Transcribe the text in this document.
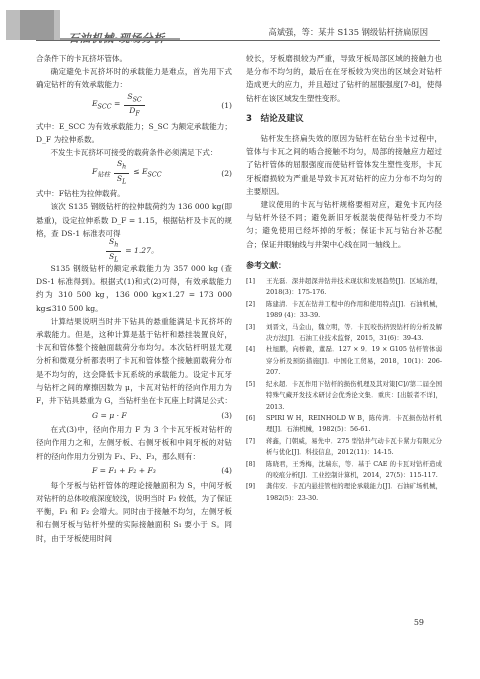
高斌强，等：某井 S135 钢级钻杆挤扁原因

合条件下的卡瓦挤坏管体。

确定避免卡瓦挤坏时的承载能力是难点，首先用下式确定钻杆的有效承载能力：

$E_{SCC} = \frac{S_{SC}}{D_F}$	(1)

式中：E_SCC 为有效承载能力；S_SC 为额定承载能力；D_F 为拉伸系数。

不发生卡瓦挤坏可接受的载荷条件必须满足下式：

$F_{钻柱} \frac{S_h}{S_L} \le E_{SCC}$	(2)

式中：F钻柱为拉伸载荷。

该次 S135 钢级钻杆的拉伸载荷约为 136 000 kg(即悬重)，设定拉伸系数 D_F = 1.15，根据钻杆及卡瓦的规格，查 DS-1 标准表可得

$\frac{S_h}{S_L} = 1.27$。

S135 钢级钻杆的额定承载能力为 357 000 kg (查 DS-1 标准得到)。根据式(1)和式(2)可得，有效承载能力约为 310 500 kg，136 000 kg×1.27 = 173 000 kg≤310 500 kg。

计算结果说明当时井下钻具的悬重能满足卡瓦挤坏的承载能力。但是，这种计算是基于钻杆和悬挂装置良好，卡瓦和管体整个接触面载荷分布均匀。本次钻杆明显尤观分析和微观分析都表明了卡瓦和管体整个接触面载荷分布是不均匀的，这会降低卡瓦系统的承载能力。设定卡瓦牙与钻杆之间的摩擦因数为 μ，卡瓦对钻杆的径向作用力为 F，井下钻具悬重为 G，当钻杆坐在卡瓦座上时满足公式：

G = μ · F	(3)

在式(3)中，径向作用力 F 为 3 个卡瓦牙板对钻杆的径向作用力之和，左侧牙板、右侧牙板和中间牙板的对钻杆的径向作用力分别为 F₁、F₂、F₃，那么则有：

F = F₁ + F₂ + F₃	(4)

每个牙板与钻杆管体的理论接触面积为 S，中间牙板对钻杆的总体咬痕深度较浅，说明当时 F₃ 较低，为了保证平衡，F₁ 和 F₂ 会增大。同时由于接触不均匀，左侧牙板和右侧牙板与钻杆外壁的实际接触面积 S₁ 要小于 S。同时，由于牙板使用时间

较长，牙板磨损较为严重，导致牙板局部区域的接触力也是分布不均匀的，最后在在牙板较为突出的区域会对钻杆造成更大的应力，并且超过了钻杆的屈服强度[7-8]，使得钻杆在该区域发生塑性变形。

3　结论及建议

钻杆发生挤扁失效的原因为钻杆在钻台坐卡过程中，管体与卡瓦之间的啮合接触不均匀，局部的接触应力超过了钻杆管体的屈服强度而使钻杆管体发生塑性变形，卡瓦牙板磨损较为严重是导致卡瓦对钻杆的应力分布不均匀的主要原因。

建议使用的卡瓦与钻杆规格要相对应，避免卡瓦内径与钻杆外径不同；避免新旧牙板混装使得钻杆受力不均匀；避免使用已经坏掉的牙板；保证卡瓦与钻台补芯配合；保证井眼轴线与井架中心线在同一轴线上。

参考文献：
[1]	王光磊．深井超深井钻井技术现状和发展趋势[J]．区域治理，2018(3)：175-176.
[2]	陈建清．卡瓦在钻井工程中的作用和使用特点[J]．石油机械，1989 (4)：33-39.
[3]	刘晋文，马金山，魏立明，等．卡瓦咬伤挤毁钻杆的分析及解决方法[J]．石油工业技术监督，2015，31(6)：39-43.
[4]	杜旭鹏，向桥毅，董磊．127 × 9．19 × G105 钻杆管体弱穿分析及预防措施[J]．中国化工贸易，2018，10(1)：206-207.
[5]	纪永超．卡瓦作用下钻杆的损伤机理及其对策[C]//第二届全国特殊气藏开发技术研讨会优秀论文集．重庆：[出版者不详]，2013.
[6]	SPIRI W H，REINHOLD W B，陈传湾．卡瓦损伤钻杆机理[J]．石油机械，1982(5)：56-61.
[7]	蒋鑫，门朝威，易先中．275 型钻井气动卡瓦卡紧力有限元分析与优化[J]．科技信息，2012(11)：14-15.
[8]	陈晓君，王秀梅，沈瑞东，等．基于 CAE 的卡瓦对钻杆造成的咬痕分析[J]．工业控制计算机，2014，27(5)：115-117.
[9]	龚伟安．卡瓦内悬挂管柱的理论承载能力[J]．石油矿场机械，1982(5)：23-30.
59
